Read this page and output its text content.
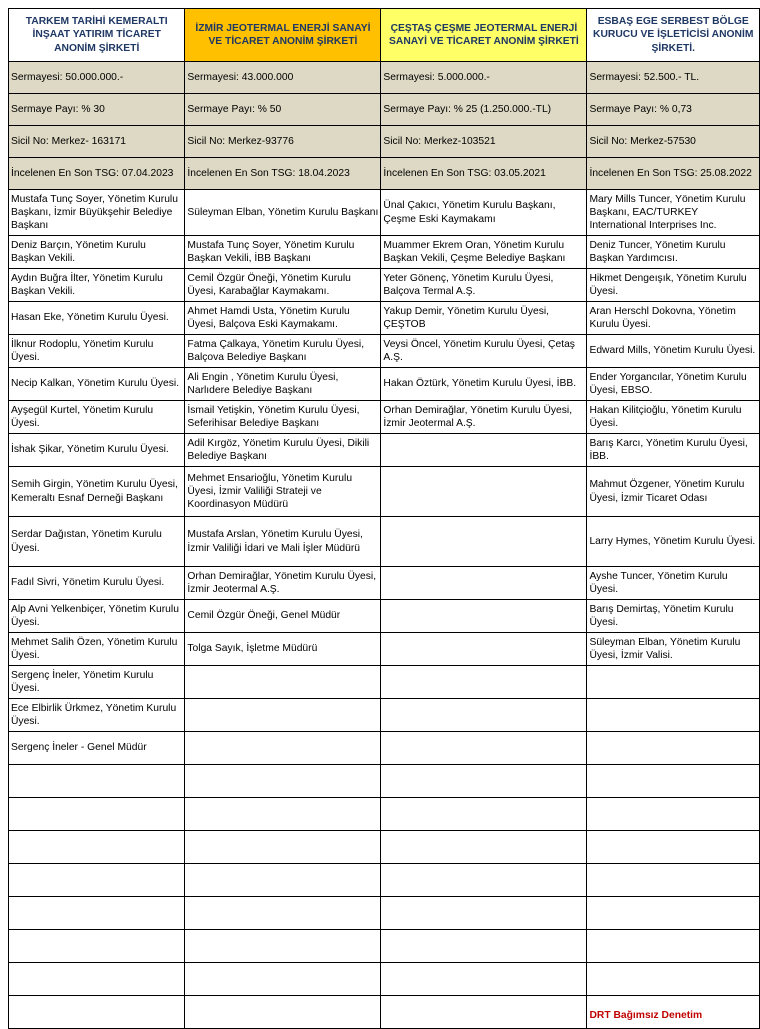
TARKEM TARİHİ KEMERALTI İNŞAAT YATIRIM TİCARET ANONİM ŞİRKETİ	İZMİR JEOTERMAL ENERJİ SANAYİ VE TİCARET ANONİM ŞİRKETİ	ÇEŞTAŞ ÇEŞME JEOTERMAL ENERJİ SANAYİ VE TİCARET ANONİM ŞİRKETİ	ESBAŞ EGE SERBEST BÖLGE KURUCU VE İŞLETİCİSİ ANONİM ŞİRKETİ.
Sermayesi: 50.000.000.-	Sermayesi: 43.000.000	Sermayesi: 5.000.000.-	Sermayesi: 52.500.- TL.
Sermaye Payı: % 30	Sermaye Payı: % 50	Sermaye Payı: % 25 (1.250.000.-TL)	Sermaye Payı: % 0,73
Sicil No: Merkez- 163171	Sicil No: Merkez-93776	Sicil No: Merkez-103521	Sicil No: Merkez-57530
İncelenen En Son TSG: 07.04.2023	İncelenen En Son TSG: 18.04.2023	İncelenen En Son TSG: 03.05.2021	İncelenen En Son TSG: 25.08.2022
Mustafa Tunç Soyer, Yönetim Kurulu Başkanı, İzmir Büyükşehir Belediye Başkanı	Süleyman Elban, Yönetim Kurulu Başkanı	Ünal Çakıcı, Yönetim Kurulu Başkanı, Çeşme Eski Kaymakamı	Mary Mills Tuncer, Yönetim Kurulu Başkanı, EAC/TURKEY International Interprises Inc.
Deniz Barçın, Yönetim Kurulu Başkan Vekili.	Mustafa Tunç Soyer, Yönetim Kurulu Başkan Vekili, İBB Başkanı	Muammer Ekrem Oran, Yönetim Kurulu Başkan Vekili, Çeşme Belediye Başkanı	Deniz Tuncer, Yönetim Kurulu Başkan Yardımcısı.
Aydın Buğra İlter, Yönetim Kurulu Başkan Vekili.	Cemil Özgür Öneği, Yönetim Kurulu Üyesi, Karabağlar Kaymakamı.	Yeter Gönenç, Yönetim Kurulu Üyesi, Balçova Termal A.Ş.	Hikmet Dengeışık, Yönetim Kurulu Üyesi.
Hasan Eke, Yönetim Kurulu Üyesi.	Ahmet Hamdi Usta, Yönetim Kurulu Üyesi, Balçova Eski Kaymakamı.	Yakup Demir, Yönetim Kurulu Üyesi, ÇEŞTOB	Aran Herschl Dokovna, Yönetim Kurulu Üyesi.
İlknur Rodoplu, Yönetim Kurulu Üyesi.	Fatma Çalkaya, Yönetim Kurulu Üyesi, Balçova Belediye Başkanı	Veysi Öncel, Yönetim Kurulu Üyesi, Çetaş A.Ş.	Edward Mills, Yönetim Kurulu Üyesi.
Necip Kalkan, Yönetim Kurulu Üyesi.	Ali Engin , Yönetim Kurulu Üyesi, Narlıdere Belediye Başkanı	Hakan Öztürk, Yönetim Kurulu Üyesi, İBB.	Ender Yorgancılar, Yönetim Kurulu Üyesi, EBSO.
Ayşegül Kurtel, Yönetim Kurulu Üyesi.	İsmail Yetişkin, Yönetim Kurulu Üyesi, Seferihisar Belediye Başkanı	Orhan Demirağlar, Yönetim Kurulu Üyesi, İzmir Jeotermal A.Ş.	Hakan Kilitçioğlu, Yönetim Kurulu Üyesi.
İshak Şikar, Yönetim Kurulu Üyesi.	Adil Kırgöz, Yönetim Kurulu Üyesi, Dikili Belediye Başkanı		Barış Karcı, Yönetim Kurulu Üyesi, İBB.
Semih Girgin, Yönetim Kurulu Üyesi, Kemeraltı Esnaf Derneği Başkanı	Mehmet Ensarioğlu, Yönetim Kurulu Üyesi, İzmir Valiliği Strateji ve Koordinasyon Müdürü		Mahmut Özgener, Yönetim Kurulu Üyesi, İzmir Ticaret Odası
Serdar Dağıstan, Yönetim Kurulu Üyesi.	Mustafa Arslan, Yönetim Kurulu Üyesi, İzmir Valiliği İdari ve Mali İşler Müdürü		Larry Hymes, Yönetim Kurulu Üyesi.
Fadıl Sivri, Yönetim Kurulu Üyesi.	Orhan Demirağlar, Yönetim Kurulu Üyesi, İzmir Jeotermal A.Ş.		Ayshe Tuncer, Yönetim Kurulu Üyesi.
Alp Avni Yelkenbiçer, Yönetim Kurulu Üyesi.	Cemil Özgür Öneği, Genel Müdür		Barış Demirtaş, Yönetim Kurulu Üyesi.
Mehmet Salih Özen, Yönetim Kurulu Üyesi.	Tolga Sayık, İşletme Müdürü		Süleyman Elban, Yönetim Kurulu Üyesi, İzmir Valisi.
Sergenç İneler, Yönetim Kurulu Üyesi.			
Ece Elbirlik Ürkmez, Yönetim Kurulu Üyesi.			
Sergenç İneler - Genel Müdür			

			DRT Bağımsız Denetim
